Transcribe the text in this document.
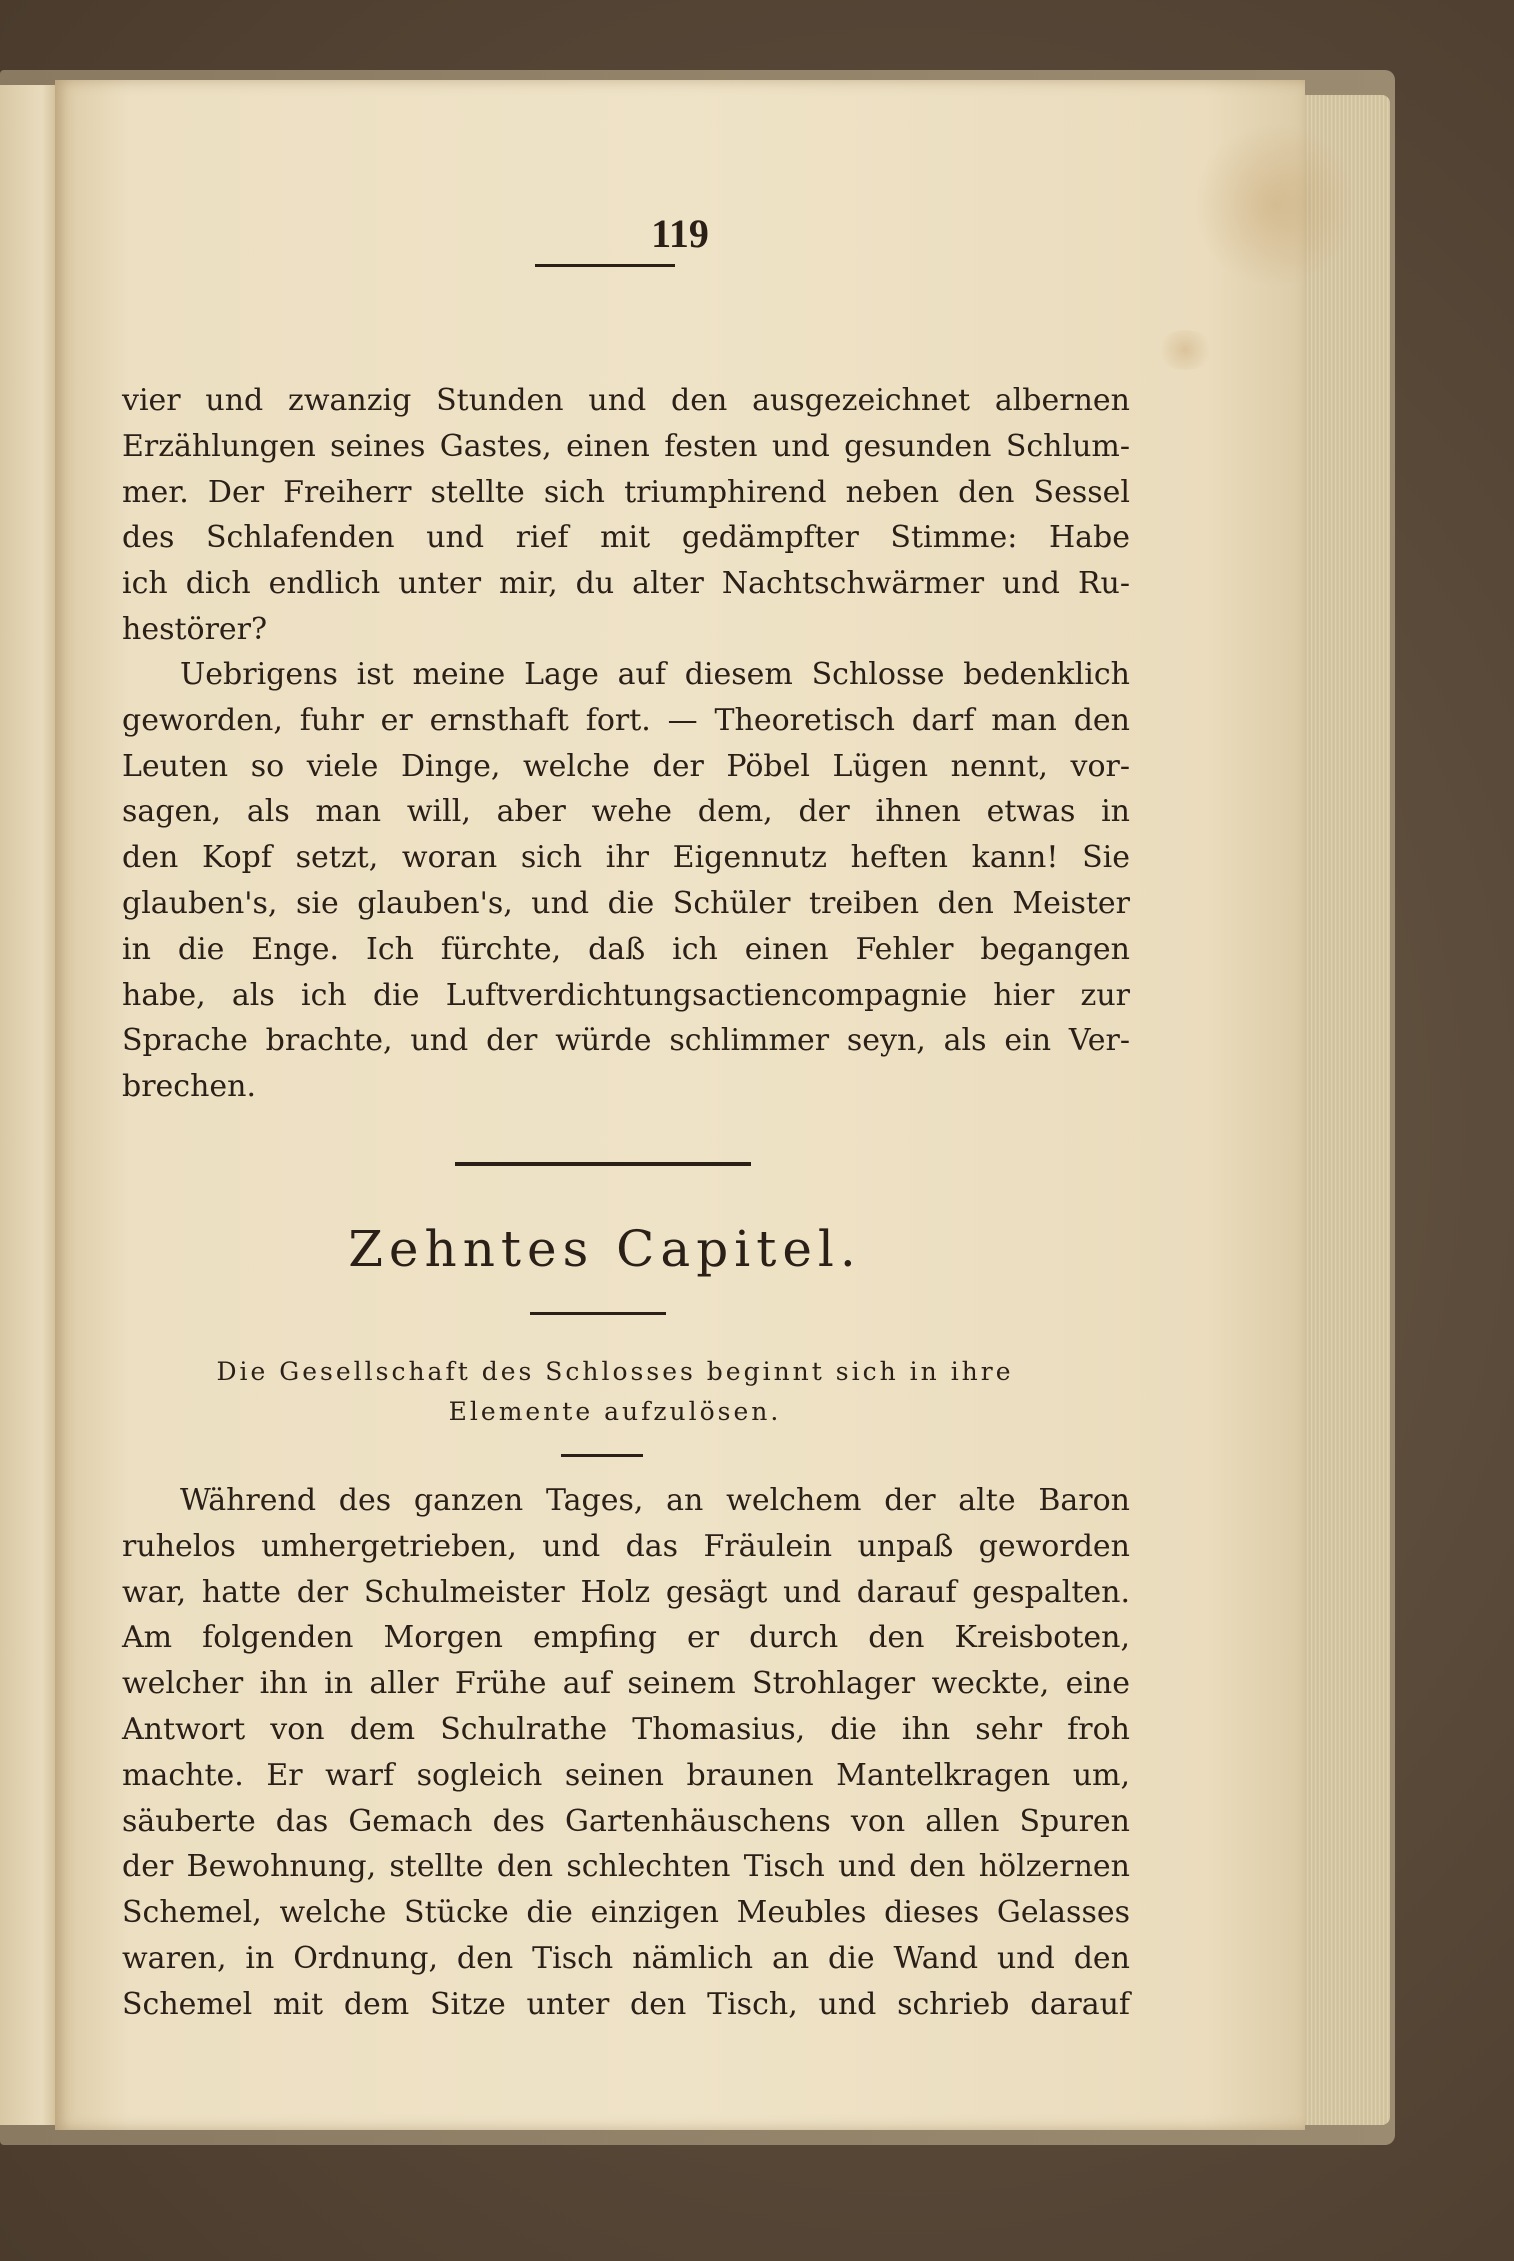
119
vier und zwanzig Stunden und den ausgezeichnet albernen
Erzählungen seines Gastes, einen festen und gesunden Schlum-
mer. Der Freiherr stellte sich triumphirend neben den Sessel
des Schlafenden und rief mit gedämpfter Stimme: Habe
ich dich endlich unter mir, du alter Nachtschwärmer und Ru-
hestörer?
Uebrigens ist meine Lage auf diesem Schlosse bedenklich
geworden, fuhr er ernsthaft fort. — Theoretisch darf man den
Leuten so viele Dinge, welche der Pöbel Lügen nennt, vor-
sagen, als man will, aber wehe dem, der ihnen etwas in
den Kopf setzt, woran sich ihr Eigennutz heften kann! Sie
glauben's, sie glauben's, und die Schüler treiben den Meister
in die Enge. Ich fürchte, daß ich einen Fehler begangen
habe, als ich die Luftverdichtungsactiencompagnie hier zur
Sprache brachte, und der würde schlimmer seyn, als ein Ver-
brechen.
Zehntes Capitel.
Die Gesellschaft des Schlosses beginnt sich in ihre
Elemente aufzulösen.
Während des ganzen Tages, an welchem der alte Baron
ruhelos umhergetrieben, und das Fräulein unpaß geworden
war, hatte der Schulmeister Holz gesägt und darauf gespalten.
Am folgenden Morgen empfing er durch den Kreisboten,
welcher ihn in aller Frühe auf seinem Strohlager weckte, eine
Antwort von dem Schulrathe Thomasius, die ihn sehr froh
machte. Er warf sogleich seinen braunen Mantelkragen um,
säuberte das Gemach des Gartenhäuschens von allen Spuren
der Bewohnung, stellte den schlechten Tisch und den hölzernen
Schemel, welche Stücke die einzigen Meubles dieses Gelasses
waren, in Ordnung, den Tisch nämlich an die Wand und den
Schemel mit dem Sitze unter den Tisch, und schrieb darauf
